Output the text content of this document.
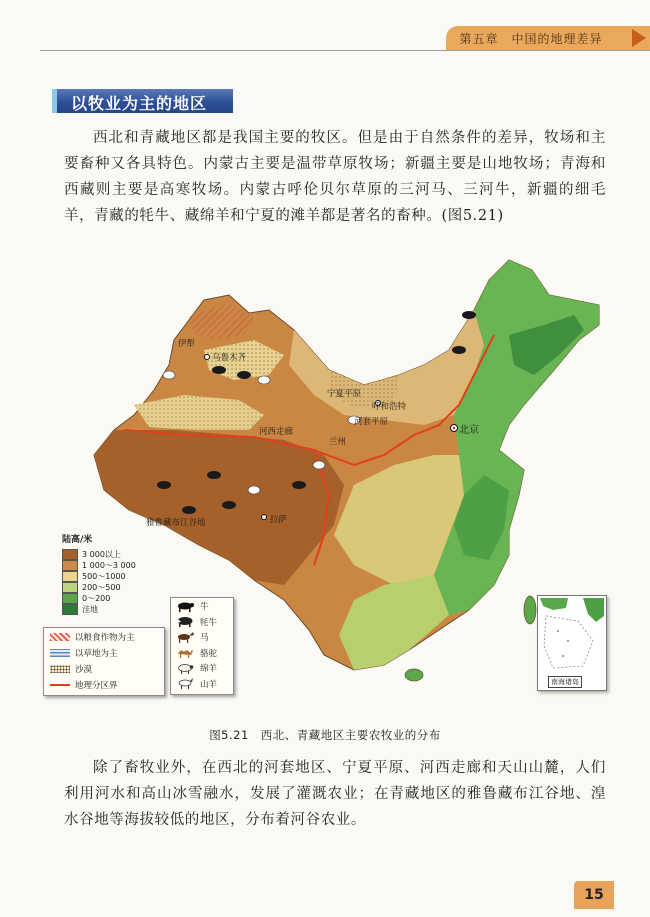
第五章　中国的地理差异
以牧业为主的地区
西北和青藏地区都是我国主要的牧区。但是由于自然条件的差异，牧场和主要畜种又各具特色。内蒙古主要是温带草原牧场；新疆主要是山地牧场；青海和西藏则主要是高寒牧场。内蒙古呼伦贝尔草原的三河马、三河牛，新疆的细毛羊，青藏的牦牛、藏绵羊和宁夏的滩羊都是著名的畜种。(图5.21)
伊犁
乌鲁木齐
宁夏平原
呼和浩特
河套平原
北京
兰州
河西走廊
雅鲁藏布江谷地	拉萨
陆高/米
3 000以上
1 000～3 000
500～1000
200～500
0～200
洼地
以粮食作物为主
以草地为主
沙漠
地理分区界
牛
牦牛
马
骆驼
绵羊
山羊	南海诸岛
图5.21　西北、青藏地区主要农牧业的分布
除了畜牧业外，在西北的河套地区、宁夏平原、河西走廊和天山山麓，人们利用河水和高山冰雪融水，发展了灌溉农业；在青藏地区的雅鲁藏布江谷地、湟水谷地等海拔较低的地区，分布着河谷农业。
15
